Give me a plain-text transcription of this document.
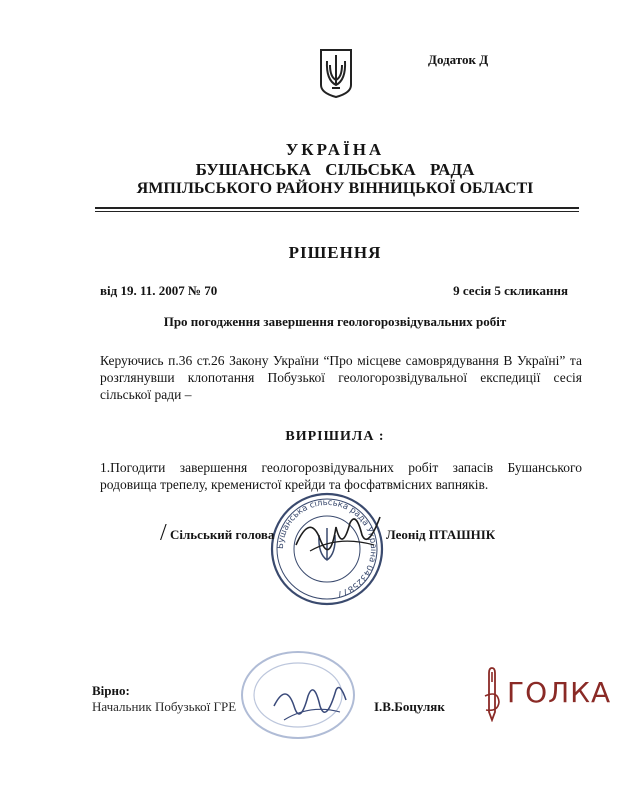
Додаток Д
УКРАЇНА
БУШАНСЬКА СІЛЬСЬКА РАДА
ЯМПІЛЬСЬКОГО РАЙОНУ ВІННИЦЬКОЇ ОБЛАСТІ
РІШЕННЯ
від 19. 11. 2007 № 70	9 сесія 5 скликання
Про погодження завершення геологорозвідувальних робіт
Керуючись п.36 ст.26 Закону України “Про місцеве самоврядування В Україні” та розглянувши клопотання Побузької геологорозвідувальної експедиції сесія сільської ради –
ВИРІШИЛА :
1.Погодити завершення геологорозвідувальних робіт запасів Бушанського родовища трепелу, кременистої крейди та фосфатвмісних вапняків.
Бушанська сільська рада Україна 04325877
/ Сільський голова	Леонід ПТАШНІК
Вірно:
Начальник Побузької ГРЕ	І.В.Боцуляк ГОЛКА
